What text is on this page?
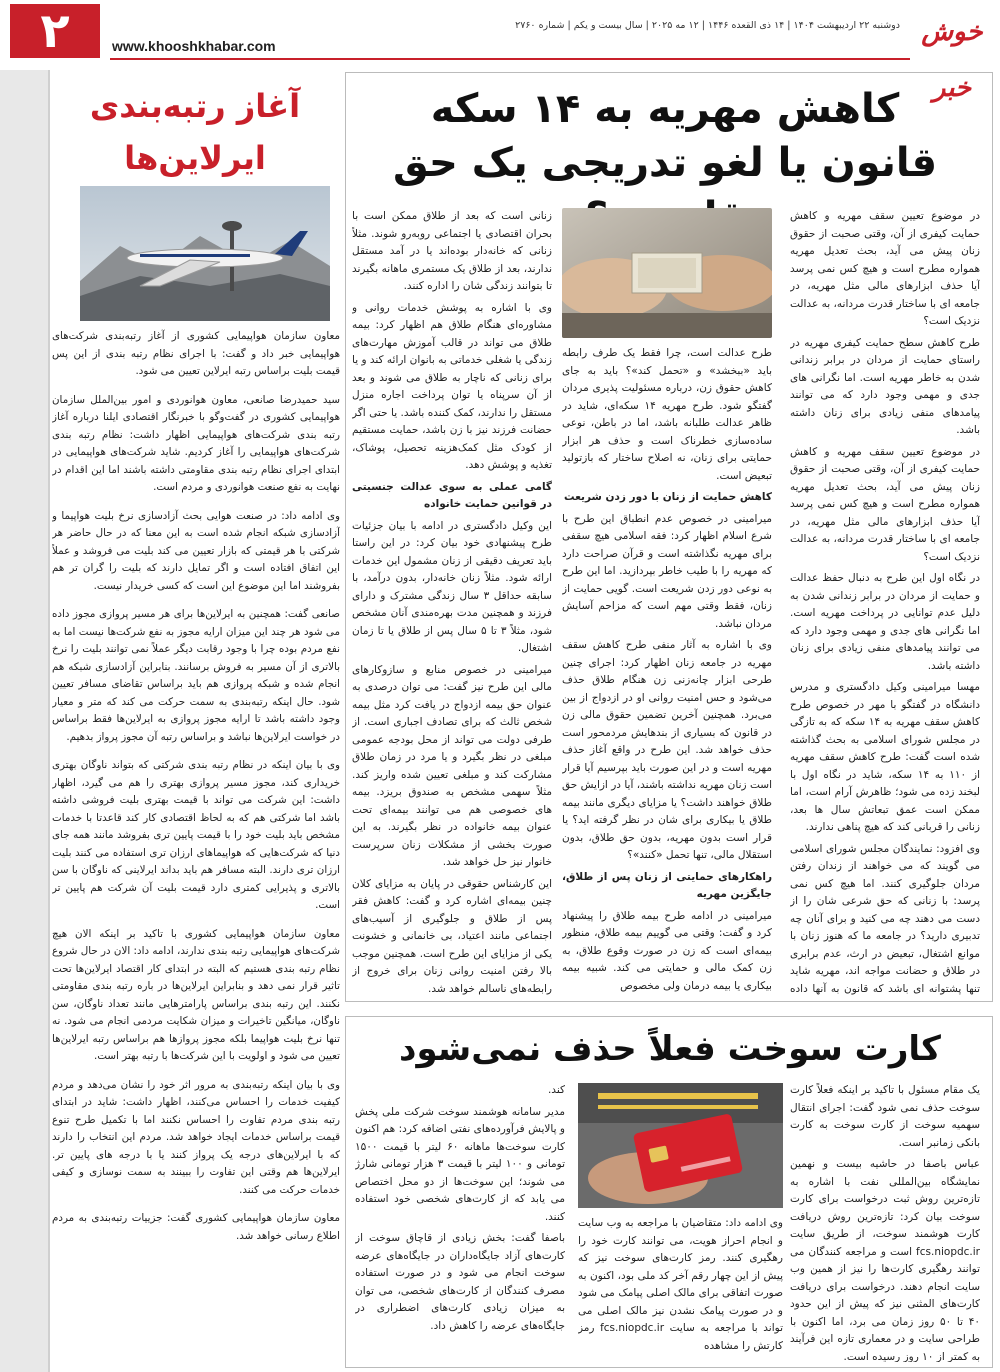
۲	www.khooshkhabar.com
دوشنبه ۲۲ اردیبهشت ۱۴۰۴ | ۱۴ ذی القعده ۱۴۴۶ | ۱۲ مه ۲۰۲۵ | سال بیست و یکم | شماره ۲۷۶۰ خوش خبر
کاهش مهریه به ۱۴ سکه
قانون یا لغو تدریجی یک حق

در موضوع تعیین سقف مهریه و کاهش حمایت کیفری از آن، وقتی صحبت از حقوق زنان پیش می آید، بحث تعدیل مهریه همواره مطرح است و هیچ کس نمی پرسد آیا حذف ابزارهای مالی مثل مهریه، در جامعه ای با ساختار قدرت مردانه، به عدالت نزدیک است؟

طرح کاهش سطح حمایت کیفری مهریه در راستای حمایت از مردان در برابر زندانی شدن به خاطر مهریه است. اما نگرانی های جدی و مهمی وجود دارد که می توانند پیامدهای منفی زیادی برای زنان داشته باشد.

در موضوع تعیین سقف مهریه و کاهش حمایت کیفری از آن، وقتی صحبت از حقوق زنان پیش می آید، بحث تعدیل مهریه همواره مطرح است و هیچ کس نمی پرسد آیا حذف ابزارهای مالی مثل مهریه، در جامعه ای با ساختار قدرت مردانه، به عدالت نزدیک است؟

در نگاه اول این طرح به دنبال حفظ عدالت و حمایت از مردان در برابر زندانی شدن به دلیل عدم توانایی در پرداخت مهریه است. اما نگرانی های جدی و مهمی وجود دارد که می توانند پیامدهای منفی زیادی برای زنان داشته باشد.

مهسا میرامینی وکیل دادگستری و مدرس دانشگاه در گفتگو با مهر در خصوص طرح کاهش سقف مهریه به ۱۴ سکه که به تازگی در مجلس شورای اسلامی به بحث گذاشته شده است گفت: طرح کاهش سقف مهریه از ۱۱۰ به ۱۴ سکه، شاید در نگاه اول با لبخند زده می شود؛ ظاهرش آرام است، اما ممکن است عمق تبعاتش سال ها بعد، زنانی را قربانی کند که هیچ پناهی ندارند.

وی افزود: نمایندگان مجلس شورای اسلامی می گویند که می خواهند از زندان رفتن مردان جلوگیری کنند. اما هیچ کس نمی پرسد: با زنانی که حق شرعی شان را از دست می دهند چه می کنید و برای آنان چه تدبیری دارید؟ در جامعه ما که هنوز زنان با موانع اشتغال، تبعیض در ارث، عدم برابری در طلاق و حضانت مواجه اند، مهریه شاید تنها پشتوانه ای باشد که قانون به آنها داده

طرح عدالت است، چرا فقط یک طرف رابطه باید «ببخشد» و «تحمل کند»؟ باید به جای کاهش حقوق زن، درباره مسئولیت پذیری مردان گفتگو شود. طرح مهریه ۱۴ سکه‌ای، شاید در ظاهر عدالت طلبانه باشد، اما در باطن، نوعی ساده‌سازی خطرناک است و حذف هر ابزار حمایتی برای زنان، نه اصلاح ساختار که بازتولید تبعیض است.

کاهش حمایت از زنان با دور زدن شریعت

میرامینی در خصوص عدم انطباق این طرح با شرع اسلام اظهار کرد: فقه اسلامی هیچ سقفی برای مهریه نگذاشته است و قرآن صراحت دارد که مهریه را با طیب خاطر بپردازید. اما این طرح به نوعی دور زدن شریعت است. گویی حمایت از زنان، فقط وقتی مهم است که مزاحم آسایش مردان نباشد.

وی با اشاره به آثار منفی طرح کاهش سقف مهریه در جامعه زنان اظهار کرد: اجرای چنین طرحی ابزار چانه‌زنی زن هنگام طلاق حذف می‌شود و حس امنیت روانی او در ازدواج از بین می‌برد. همچنین آخرین تضمین حقوق مالی زن در قانون که بسیاری از بندهایش مردمحور است حذف خواهد شد. این طرح در واقع آغاز حذف مهریه است و در این صورت باید بپرسیم آیا قرار است زنان مهریه نداشته باشند، آیا در ازایش حق طلاق خواهند داشت؟ یا مزایای دیگری مانند بیمه طلاق یا بیکاری برای شان در نظر گرفته اید؟ یا قرار است بدون مهریه، بدون حق طلاق، بدون استقلال مالی، تنها تحمل «کنند»؟

راهکارهای حمایتی از زنان پس از طلاق، جایگزین مهریه

میرامینی در ادامه طرح بیمه طلاق را پیشنهاد کرد و گفت: وقتی می گوییم بیمه طلاق، منظور بیمه‌ای است که زن در صورت وقوع طلاق، به زن کمک مالی و حمایتی می کند. شبیه بیمه بیکاری یا بیمه درمان ولی مخصوص

زنانی است که بعد از طلاق ممکن است با بحران اقتصادی یا اجتماعی روبه‌رو شوند. مثلاً زنانی که خانه‌دار بوده‌اند یا در آمد مستقل ندارند، بعد از طلاق یک مستمری ماهانه بگیرند تا بتوانند زندگی شان را اداره کنند.

وی با اشاره به پوشش خدمات روانی و مشاوره‌ای هنگام طلاق هم اظهار کرد: بیمه طلاق می تواند در قالب آموزش مهارت‌های زندگی یا شغلی خدماتی به بانوان ارائه کند و یا برای زنانی که ناچار به طلاق می شوند و بعد از آن سرپناه یا توان پرداخت اجاره منزل مستقل را ندارند، کمک کننده باشد. یا حتی اگر حضانت فرزند نیز با زن باشد، حمایت مستقیم از کودک مثل کمک‌هزینه تحصیل، پوشاک، تغذیه و پوشش دهد.

گامی عملی به سوی عدالت جنسیتی در قوانین حمایت خانواده

این وکیل دادگستری در ادامه با بیان جزئیات طرح پیشنهادی خود بیان کرد: در این راستا باید تعریف دقیقی از زنان مشمول این خدمات ارائه شود. مثلاً زنان خانه‌دار، بدون درآمد، با سابقه حداقل ۳ سال زندگی مشترک و دارای فرزند و همچنین مدت بهره‌مندی آنان مشخص شود، مثلاً ۳ تا ۵ سال پس از طلاق یا تا زمان اشتغال.

میرامینی در خصوص منابع و سازوکارهای مالی این طرح نیز گفت: می توان درصدی به عنوان حق بیمه ازدواج در یافت کرد مثل بیمه شخص ثالث که برای تصادف اجباری است. از طرفی دولت می تواند از محل بودجه عمومی مبلغی در نظر بگیرد و یا مرد در زمان طلاق مشارکت کند و مبلغی تعیین شده واریز کند. مثلاً سهمی مشخص به صندوق بریزد. بیمه های خصوصی هم می توانند بیمه‌ای تحت عنوان بیمه خانواده در نظر بگیرند. به این صورت بخشی از مشکلات زنان سرپرست خانوار نیز حل خواهد شد.

این کارشناس حقوقی در پایان به مزایای کلان چنین بیمه‌ای اشاره کرد و گفت: کاهش فقر پس از طلاق و جلوگیری از آسیب‌های اجتماعی مانند اعتیاد، بی خانمانی و خشونت یکی از مزایای این طرح است. همچنین موجب بالا رفتن امنیت روانی زنان برای خروج از رابطه‌های ناسالم خواهد شد.

آغاز رتبه‌بندی
ایرلاین‌ها

معاون سازمان هواپیمایی کشوری از آغاز رتبه‌بندی شرکت‌های هواپیمایی خبر داد و گفت: با اجرای نظام رتبه بندی از این پس قیمت بلیت براساس رتبه ایرلاین تعیین می شود.

سید حمیدرضا صانعی، معاون هوانوردی و امور بین‌الملل سازمان هواپیمایی کشوری در گفت‌وگو با خبرنگار اقتصادی ایلنا درباره آغاز رتبه بندی شرکت‌های هواپیمایی اظهار داشت: نظام رتبه بندی شرکت‌های هواپیمایی را آغاز کردیم. شاید شرکت‌های هواپیمایی در ابتدای اجرای نظام رتبه بندی مقاومتی داشته باشند اما این اقدام در نهایت به نفع صنعت هوانوردی و مردم است.

وی ادامه داد: در صنعت هوایی بحث آزادسازی نرخ بلیت هواپیما و آزادسازی شبکه انجام شده است به این معنا که در حال حاضر هر شرکتی با هر قیمتی که بازار تعیین می کند بلیت می فروشد و عملاً این اتفاق افتاده است و اگر تمایل دارند که بلیت را گران تر هم بفروشند اما این موضوع این است که کسی خریدار نیست.

صانعی گفت: همچنین به ایرلاین‌ها برای هر مسیر پروازی مجوز داده می شود هر چند این میزان ارایه مجوز به نفع شرکت‌ها نیست اما به نفع مردم بوده چرا با وجود رقابت دیگر عملاً نمی توانند بلیت را نرخ بالاتری از آن مسیر به فروش برسانند. بنابراین آزادسازی شبکه هم انجام شده و شبکه پروازی هم باید براساس تقاضای مسافر تعیین شود. حال اینکه رتبه‌بندی به سمت حرکت می کند که متر و معیار وجود داشته باشد تا ارایه مجوز پروازی به ایرلاین‌ها فقط براساس در خواست ایرلاین‌ها نباشد و براساس رتبه آن مجوز پرواز بدهیم.

وی با بیان اینکه در نظام رتبه بندی شرکتی که بتواند ناوگان بهتری خریداری کند، مجوز مسیر پروازی بهتری را هم می گیرد، اظهار داشت: این شرکت می تواند با قیمت بهتری بلیت فروشی داشته باشد اما شرکتی هم که به لحاظ اقتصادی کار کند قاعدتا با خدمات مشخص باید بلیت خود را با قیمت پایین تری بفروشد مانند همه جای دنیا که شرکت‌هایی که هواپیماهای ارزان تری استفاده می کنند بلیت ارزان تری دارند. البته مسافر هم باید بداند ایرلاینی که ناوگان با سن بالاتری و پذیرایی کمتری دارد قیمت بلیت آن شرکت هم پایین تر است.

معاون سازمان هواپیمایی کشوری با تاکید بر اینکه الان هیچ شرکت‌های هواپیمایی رتبه بندی ندارند، ادامه داد: الان در حال شروع نظام رتبه بندی هستیم که البته در ابتدای کار اقتصاد ایرلاین‌ها تحت تاثیر قرار نمی دهد و بنابراین ایرلاین‌ها در باره رتبه بندی مقاومتی نکنند. این رتبه بندی براساس پارامترهایی مانند تعداد ناوگان، سن ناوگان، میانگین تاخیرات و میزان شکایت مردمی انجام می شود. نه تنها نرخ بلیت هواپیما بلکه مجوز پروازها هم براساس رتبه ایرلاین‌ها تعیین می شود و اولویت با این شرکت‌ها با رتبه بهتر است.

وی با بیان اینکه رتبه‌بندی به مرور اثر خود را نشان می‌دهد و مردم کیفیت خدمات را احساس می‌کنند، اظهار داشت: شاید در ابتدای رتبه بندی مردم تفاوت را احساس نکنند اما با تکمیل طرح تنوع قیمت براساس خدمات ایجاد خواهد شد. مردم این انتخاب را دارند که با ایرلاین‌های درجه یک پرواز کنند یا با درجه های پایین تر. ایرلاین‌ها هم وقتی این تفاوت را ببینند به سمت نوسازی و کیفی خدمات حرکت می کنند.

معاون سازمان هواپیمایی کشوری گفت: جزییات رتبه‌بندی به مردم اطلاع رسانی خواهد شد.

کارت سوخت فعلاً حذف نمی‌شود

یک مقام مسئول با تاکید بر اینکه فعلاً کارت سوخت حذف نمی شود گفت: اجرای انتقال سهمیه سوخت از کارت سوخت به کارت بانکی زمانبر است.

عباس باصفا در حاشیه بیست و نهمین نمایشگاه بین‌المللی نفت با اشاره به تازه‌ترین روش ثبت درخواست برای کارت سوخت بیان کرد: تازه‌ترین روش دریافت کارت هوشمند سوخت، از طریق سایت fcs.niopdc.ir است و مراجعه کنندگان می توانند رهگیری کارت‌ها را نیز از همین وب سایت انجام دهند. درخواست برای دریافت کارت‌های المثنی نیز که پیش از این حدود ۴۰ تا ۵۰ روز زمان می برد، اما اکنون با طراحی سایت و در معماری تازه این فرآیند به کمتر از ۱۰ روز رسیده است.

وی ادامه داد: متقاضیان با مراجعه به وب سایت و انجام احراز هویت، می توانند کارت خود را رهگیری کنند. رمز کارت‌های سوخت نیز که پیش از این چهار رقم آخر کد ملی بود، اکنون به صورت اتفاقی برای مالک اصلی پیامک می شود و در صورت پیامک نشدن نیز مالک اصلی می تواند با مراجعه به سایت fcs.niopdc.ir رمز کارتش را مشاهده

کند.

مدیر سامانه هوشمند سوخت شرکت ملی پخش و پالایش فرآورده‌های نفتی اضافه کرد: هم اکنون کارت سوخت‌ها ماهانه ۶۰ لیتر با قیمت ۱۵۰۰ تومانی و ۱۰۰ لیتر با قیمت ۳ هزار تومانی شارژ می شوند؛ این سوخت‌ها از دو محل اختصاص می یابد که از کارت‌های شخصی خود استفاده کنند.

باصفا گفت: بخش زیادی از قاچاق سوخت از کارت‌های آزاد جایگاه‌داران در جایگاه‌های عرضه سوخت انجام می شود و در صورت استفاده مصرف کنندگان از کارت‌های شخصی، می توان به میزان زیادی کارت‌های اضطراری در جایگاه‌های عرضه را کاهش داد.
